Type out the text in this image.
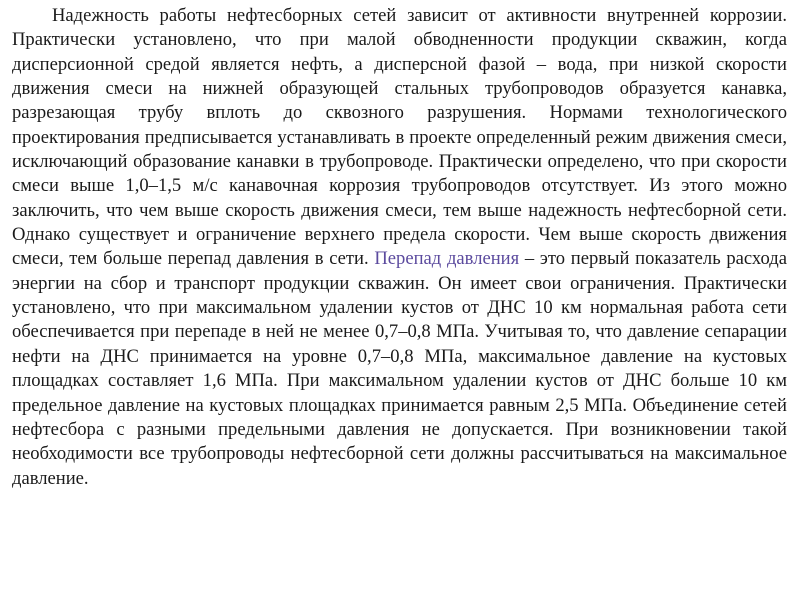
Надежность работы нефтесборных сетей зависит от активности внутренней коррозии. Практически установлено, что при малой обводненности продукции скважин, когда дисперсионной средой является нефть, а дисперсной фазой – вода, при низкой скорости движения смеси на нижней образующей стальных трубопроводов образуется канавка, разрезающая трубу вплоть до сквозного разрушения. Нормами технологического проектирования предписывается устанавливать в проекте определенный режим движения смеси, исключающий образование канавки в трубопроводе. Практически определено, что при скорости смеси выше 1,0–1,5 м/с канавочная коррозия трубопроводов отсутствует. Из этого можно заключить, что чем выше скорость движения смеси, тем выше надежность нефтесборной сети. Однако существует и ограничение верхнего предела скорости. Чем выше скорость движения смеси, тем больше перепад давления в сети. Перепад давления – это первый показатель расхода энергии на сбор и транспорт продукции скважин. Он имеет свои ограничения. Практически установлено, что при максимальном удалении кустов от ДНС 10 км нормальная работа сети обеспечивается при перепаде в ней не менее 0,7–0,8 МПа. Учитывая то, что давление сепарации нефти на ДНС принимается на уровне 0,7–0,8 МПа, максимальное давление на кустовых площадках составляет 1,6 МПа. При максимальном удалении кустов от ДНС больше 10 км предельное давление на кустовых площадках принимается равным 2,5 МПа. Объединение сетей нефтесбора с разными предельными давления не допускается. При возникновении такой необходимости все трубопроводы нефтесборной сети должны рассчитываться на максимальное давление.
